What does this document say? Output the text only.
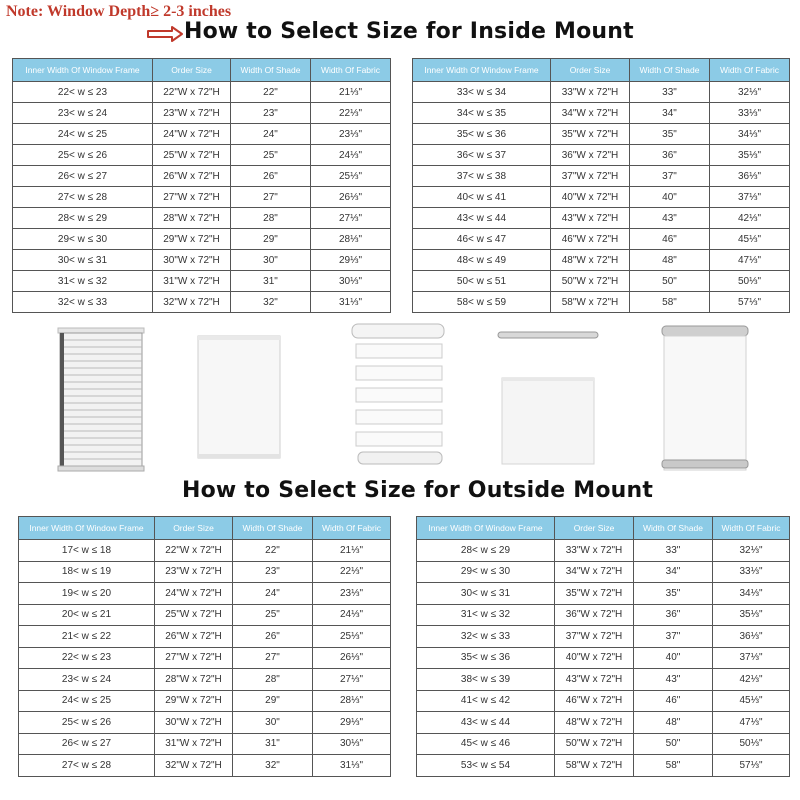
Note: Window Depth≥ 2-3 inches
How to Select Size for Inside Mount
Inner Width Of Window Frame	Order Size	Width Of Shade	Width Of Fabric
22< w ≤ 23	22"W x 72"H	22"	21⅓"
23< w ≤ 24	23"W x 72"H	23"	22⅓"
24< w ≤ 25	24"W x 72"H	24"	23⅓"
25< w ≤ 26	25"W x 72"H	25"	24⅓"
26< w ≤ 27	26"W x 72"H	26"	25⅓"
27< w ≤ 28	27"W x 72"H	27"	26⅓"
28< w ≤ 29	28"W x 72"H	28"	27⅓"
29< w ≤ 30	29"W x 72"H	29"	28⅓"
30< w ≤ 31	30"W x 72"H	30"	29⅓"
31< w ≤ 32	31"W x 72"H	31"	30⅓"
32< w ≤ 33	32"W x 72"H	32"	31⅓"
Inner Width Of Window Frame	Order Size	Width Of Shade	Width Of Fabric
33< w ≤ 34	33"W x 72"H	33"	32⅓"
34< w ≤ 35	34"W x 72"H	34"	33⅓"
35< w ≤ 36	35"W x 72"H	35"	34⅓"
36< w ≤ 37	36"W x 72"H	36"	35⅓"
37< w ≤ 38	37"W x 72"H	37"	36⅓"
40< w ≤ 41	40"W x 72"H	40"	37⅓"
43< w ≤ 44	43"W x 72"H	43"	42⅓"
46< w ≤ 47	46"W x 72"H	46"	45⅓"
48< w ≤ 49	48"W x 72"H	48"	47⅓"
50< w ≤ 51	50"W x 72"H	50"	50⅓"
58< w ≤ 59	58"W x 72"H	58"	57⅓"
How to Select Size for Outside Mount
Inner Width Of Window Frame	Order Size	Width Of Shade	Width Of Fabric
17< w ≤ 18	22"W x 72"H	22"	21⅓"
18< w ≤ 19	23"W x 72"H	23"	22⅓"
19< w ≤ 20	24"W x 72"H	24"	23⅓"
20< w ≤ 21	25"W x 72"H	25"	24⅓"
21< w ≤ 22	26"W x 72"H	26"	25⅓"
22< w ≤ 23	27"W x 72"H	27"	26⅓"
23< w ≤ 24	28"W x 72"H	28"	27⅓"
24< w ≤ 25	29"W x 72"H	29"	28⅓"
25< w ≤ 26	30"W x 72"H	30"	29⅓"
26< w ≤ 27	31"W x 72"H	31"	30⅓"
27< w ≤ 28	32"W x 72"H	32"	31⅓"
Inner Width Of Window Frame	Order Size	Width Of Shade	Width Of Fabric
28< w ≤ 29	33"W x 72"H	33"	32⅓"
29< w ≤ 30	34"W x 72"H	34"	33⅓"
30< w ≤ 31	35"W x 72"H	35"	34⅓"
31< w ≤ 32	36"W x 72"H	36"	35⅓"
32< w ≤ 33	37"W x 72"H	37"	36⅓"
35< w ≤ 36	40"W x 72"H	40"	37⅓"
38< w ≤ 39	43"W x 72"H	43"	42⅓"
41< w ≤ 42	46"W x 72"H	46"	45⅓"
43< w ≤ 44	48"W x 72"H	48"	47⅓"
45< w ≤ 46	50"W x 72"H	50"	50⅓"
53< w ≤ 54	58"W x 72"H	58"	57⅓"
